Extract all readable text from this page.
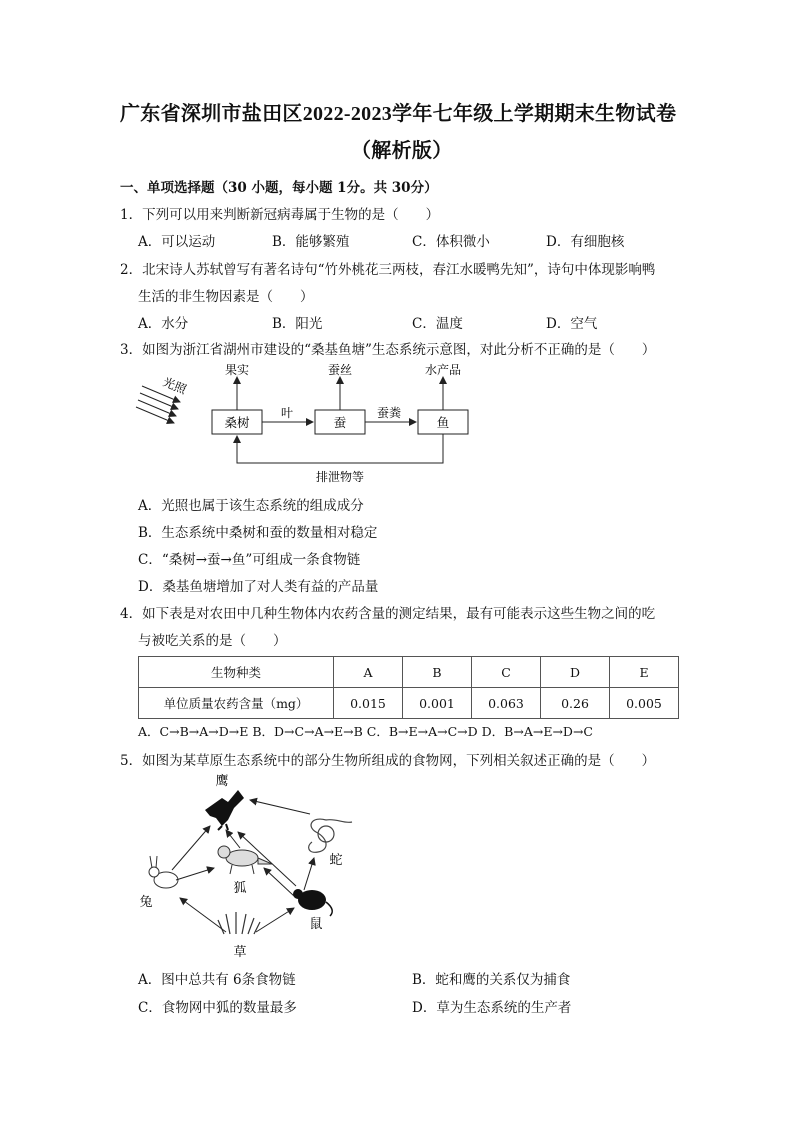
广东省深圳市盐田区2022-2023学年七年级上学期期末生物试卷
（解析版）
一、单项选择题（30 小题，每小题 1分。共 30分）
1．下列可以用来判断新冠病毒属于生物的是（　　）
A．可以运动	B．能够繁殖	C．体积微小	D．有细胞核
2．北宋诗人苏轼曾写有著名诗句“竹外桃花三两枝，春江水暖鸭先知”，诗句中体现影响鸭
生活的非生物因素是（　　）
A．水分	B．阳光	C．温度	D．空气
3．如图为浙江省湖州市建设的“桑基鱼塘”生态系统示意图，对此分析不正确的是（　　）
光照
桑树	蚕	鱼
果实	蚕丝	水产品
叶	蚕粪
排泄物等
A．光照也属于该生态系统的组成成分
B．生态系统中桑树和蚕的数量相对稳定
C．“桑树→蚕→鱼”可组成一条食物链
D．桑基鱼塘增加了对人类有益的产品量
4．如下表是对农田中几种生物体内农药含量的测定结果，最有可能表示这些生物之间的吃
与被吃关系的是（　　）
生物种类	A	B	C	D	E
单位质量农药含量（mg）	0.015	0.001	0.063	0.26	0.005
A．C→B→A→D→E B．D→C→A→E→B C．B→E→A→C→D D．B→A→E→D→C
5．如图为某草原生态系统中的部分生物所组成的食物网，下列相关叙述正确的是（　　）
鹰
蛇
狐
兔
鼠
草
A．图中总共有 6条食物链	B．蛇和鹰的关系仅为捕食
C．食物网中狐的数量最多	D．草为生态系统的生产者
